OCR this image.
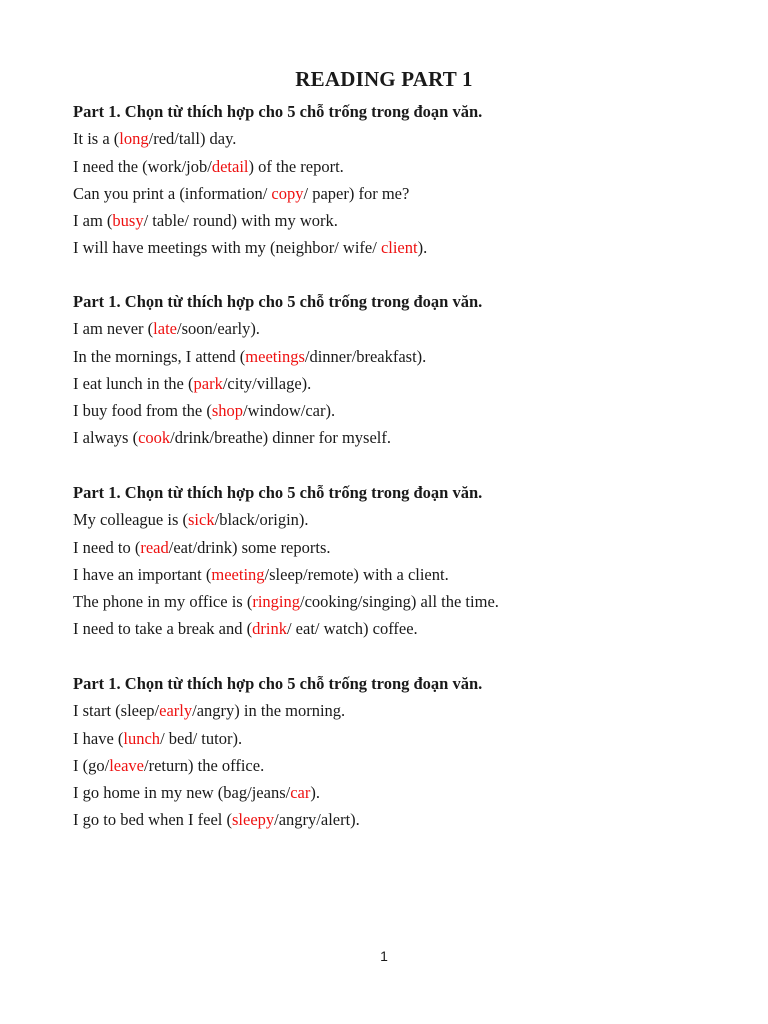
READING PART 1
Part 1. Chọn từ thích hợp cho 5 chỗ trống trong đoạn văn.
It is a (long/red/tall) day.
I need the (work/job/detail) of the report.
Can you print a (information/ copy/ paper) for me?
I am (busy/ table/ round) with my work.
I will have meetings with my (neighbor/ wife/ client).
Part 1. Chọn từ thích hợp cho 5 chỗ trống trong đoạn văn.
I am never (late/soon/early).
In the mornings, I attend (meetings/dinner/breakfast).
I eat lunch in the (park/city/village).
I buy food from the (shop/window/car).
I always (cook/drink/breathe) dinner for myself.
Part 1. Chọn từ thích hợp cho 5 chỗ trống trong đoạn văn.
My colleague is (sick/black/origin).
I need to (read/eat/drink) some reports.
I have an important (meeting/sleep/remote) with a client.
The phone in my office is (ringing/cooking/singing) all the time.
I need to take a break and (drink/ eat/ watch) coffee.
Part 1. Chọn từ thích hợp cho 5 chỗ trống trong đoạn văn.
I start (sleep/early/angry) in the morning.
I have (lunch/ bed/ tutor).
I (go/leave/return) the office.
I go home in my new (bag/jeans/car).
I go to bed when I feel (sleepy/angry/alert).
1
